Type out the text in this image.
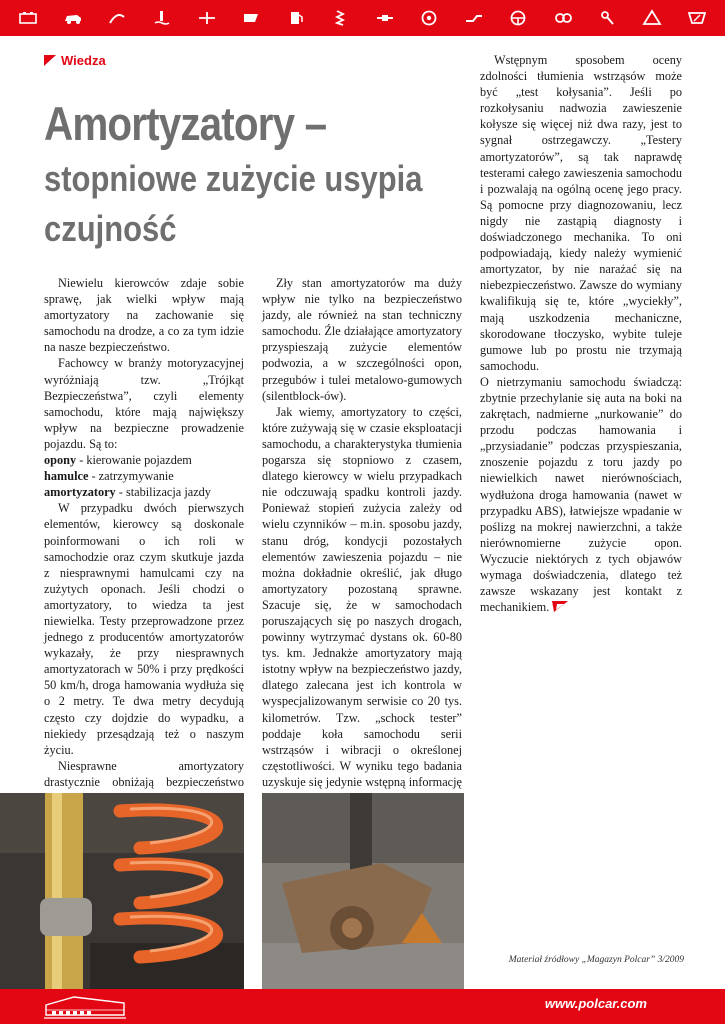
Wiedza
Amortyzatory –
stopniowe zużycie usypia
czujność

Niewielu kierowców zdaje sobie sprawę, jak wielki wpływ mają amortyzatory na zachowanie się samochodu na drodze, a co za tym idzie na nasze bezpieczeństwo.

Fachowcy w branży motoryzacyjnej wyróżniają tzw. „Trójkąt Bezpieczeństwa”, czyli elementy samochodu, które mają największy wpływ na bezpieczne prowadzenie pojazdu. Są to:

opony - kierowanie pojazdem

hamulce - zatrzymywanie

amortyzatory - stabilizacja jazdy

W przypadku dwóch pierwszych elementów, kierowcy są doskonale poinformowani o ich roli w samochodzie oraz czym skutkuje jazda z niesprawnymi hamulcami czy na zużytych oponach. Jeśli chodzi o amortyzatory, to wiedza ta jest niewielka. Testy przeprowadzone przez jednego z producentów amortyzatorów wykazały, że przy niesprawnych amortyzatorach w 50% i przy prędkości 50 km/h, droga hamowania wydłuża się o 2 metry. Te dwa metry decydują często czy dojdzie do wypadku, a niekiedy przesądzają też o naszym życiu.

Niesprawne amortyzatory drastycznie obniżają bezpieczeństwo

Zły stan amortyzatorów ma duży wpływ nie tylko na bezpieczeństwo jazdy, ale również na stan techniczny samochodu. Źle działające amortyzatory przyspieszają zużycie elementów podwozia, a w szczególności opon, przegubów i tulei metalowo-gumowych (silentblock-ów).

Jak wiemy, amortyzatory to części, które zużywają się w czasie eksploatacji samochodu, a charakterystyka tłumienia pogarsza się stopniowo z czasem, dlatego kierowcy w wielu przypadkach nie odczuwają spadku kontroli jazdy. Ponieważ stopień zużycia zależy od wielu czynników – m.in. sposobu jazdy, stanu dróg, kondycji pozostałych elementów zawieszenia pojazdu – nie można dokładnie określić, jak długo amortyzatory pozostaną sprawne. Szacuje się, że w samochodach poruszających się po naszych drogach, powinny wytrzymać dystans ok. 60-80 tys. km. Jednakże amortyzatory mają istotny wpływ na bezpieczeństwo jazdy, dlatego zalecana jest ich kontrola w wyspecjalizowanym serwisie co 20 tys. kilometrów. Tzw. „schock tester” poddaje koła samochodu serii wstrząsów i wibracji o określonej częstotliwości. W wyniku tego badania uzyskuje się jedynie wstępną informację

Wstępnym sposobem oceny zdolności tłumienia wstrząsów może być „test kołysania”. Jeśli po rozkołysaniu nadwozia zawieszenie kołysze się więcej niż dwa razy, jest to sygnał ostrzegawczy. „Testery amortyzatorów”, są tak naprawdę testerami całego zawieszenia samochodu i pozwalają na ogólną ocenę jego pracy. Są pomocne przy diagnozowaniu, lecz nigdy nie zastąpią diagnosty i doświadczonego mechanika. To oni podpowiadają, kiedy należy wymienić amortyzator, by nie narażać się na niebezpieczeństwo. Zawsze do wymiany kwalifikują się te, które „wyciekły”, mają uszkodzenia mechaniczne, skorodowane tłoczysko, wybite tuleje gumowe lub po prostu nie trzymają samochodu.

O nietrzymaniu samochodu świadczą: zbytnie przechylanie się auta na boki na zakrętach, nadmierne „nurkowanie” do przodu podczas hamowania i „przysiadanie” podczas przyspieszania, znoszenie pojazdu z toru jazdy po niewielkich nawet nierównościach, wydłużona droga hamowania (nawet w przypadku ABS), łatwiejsze wpadanie w poślizg na mokrej nawierzchni, a także nierównomierne zużycie opon. Wyczucie niektórych z tych objawów wymaga doświadczenia, dlatego też zawsze wskazany jest kontakt z mechanikiem.

Materiał źródłowy „Magazyn Polcar” 3/2009
www.polcar.com
